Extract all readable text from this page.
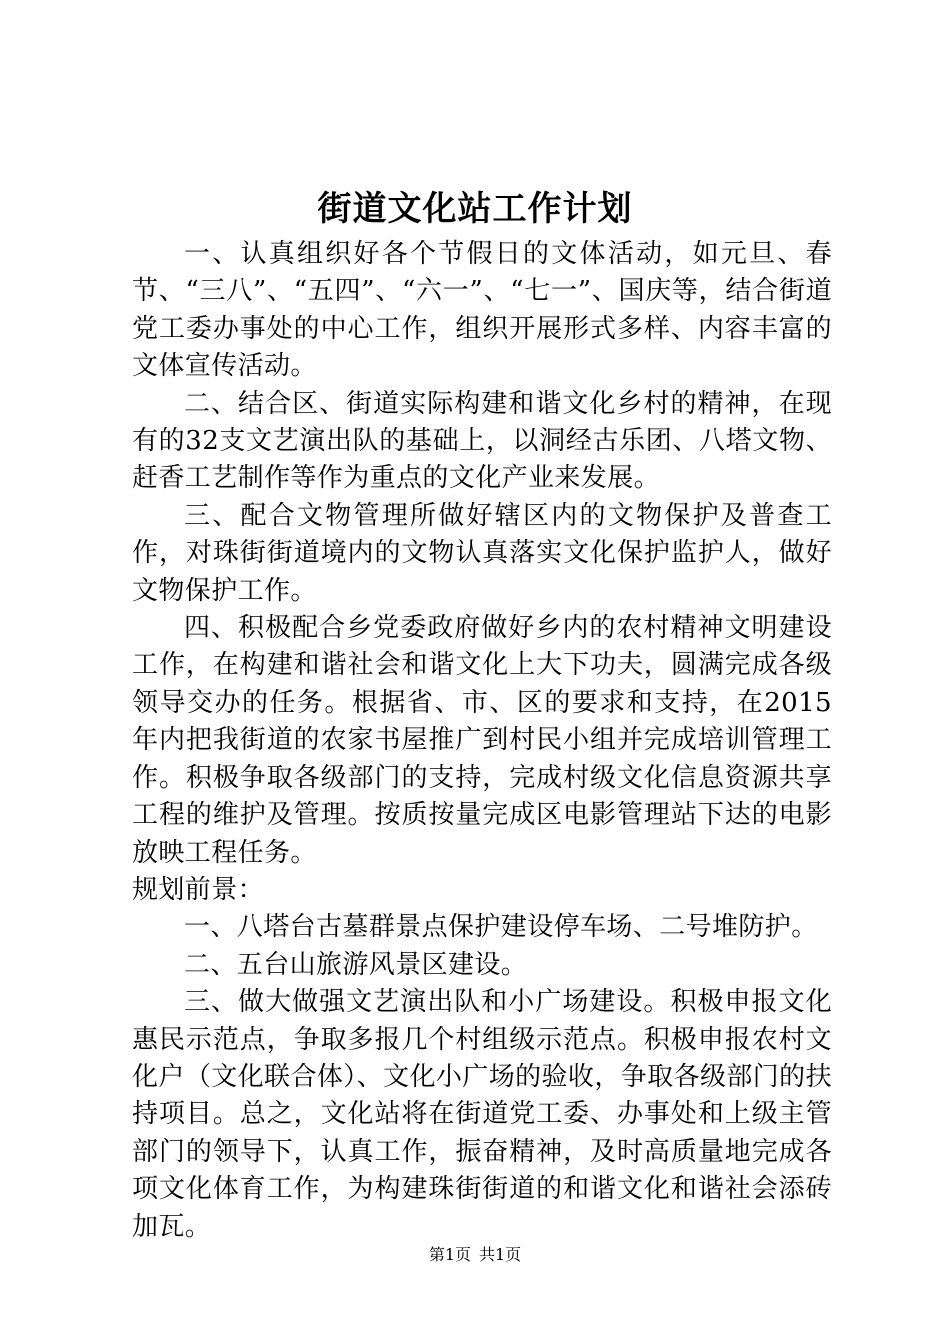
街道文化站工作计划

一、认真组织好各个节假日的文体活动，如元旦、春节、“三八”、“五四”、“六一”、“七一”、国庆等，结合街道党工委办事处的中心工作，组织开展形式多样、内容丰富的文体宣传活动。

二、结合区、街道实际构建和谐文化乡村的精神，在现有的32支文艺演出队的基础上，以洞经古乐团、八塔文物、赶香工艺制作等作为重点的文化产业来发展。

三、配合文物管理所做好辖区内的文物保护及普查工作，对珠街街道境内的文物认真落实文化保护监护人，做好文物保护工作。

四、积极配合乡党委政府做好乡内的农村精神文明建设工作，在构建和谐社会和谐文化上大下功夫，圆满完成各级领导交办的任务。根据省、市、区的要求和支持，在2015年内把我街道的农家书屋推广到村民小组并完成培训管理工作。积极争取各级部门的支持，完成村级文化信息资源共享工程的维护及管理。按质按量完成区电影管理站下达的电影放映工程任务。

规划前景：

一、八塔台古墓群景点保护建设停车场、二号堆防护。

二、五台山旅游风景区建设。

三、做大做强文艺演出队和小广场建设。积极申报文化惠民示范点，争取多报几个村组级示范点。积极申报农村文化户（文化联合体）、文化小广场的验收，争取各级部门的扶持项目。总之，文化站将在街道党工委、办事处和上级主管部门的领导下，认真工作，振奋精神，及时高质量地完成各项文化体育工作，为构建珠街街道的和谐文化和谐社会添砖加瓦。

第1页 共1页
